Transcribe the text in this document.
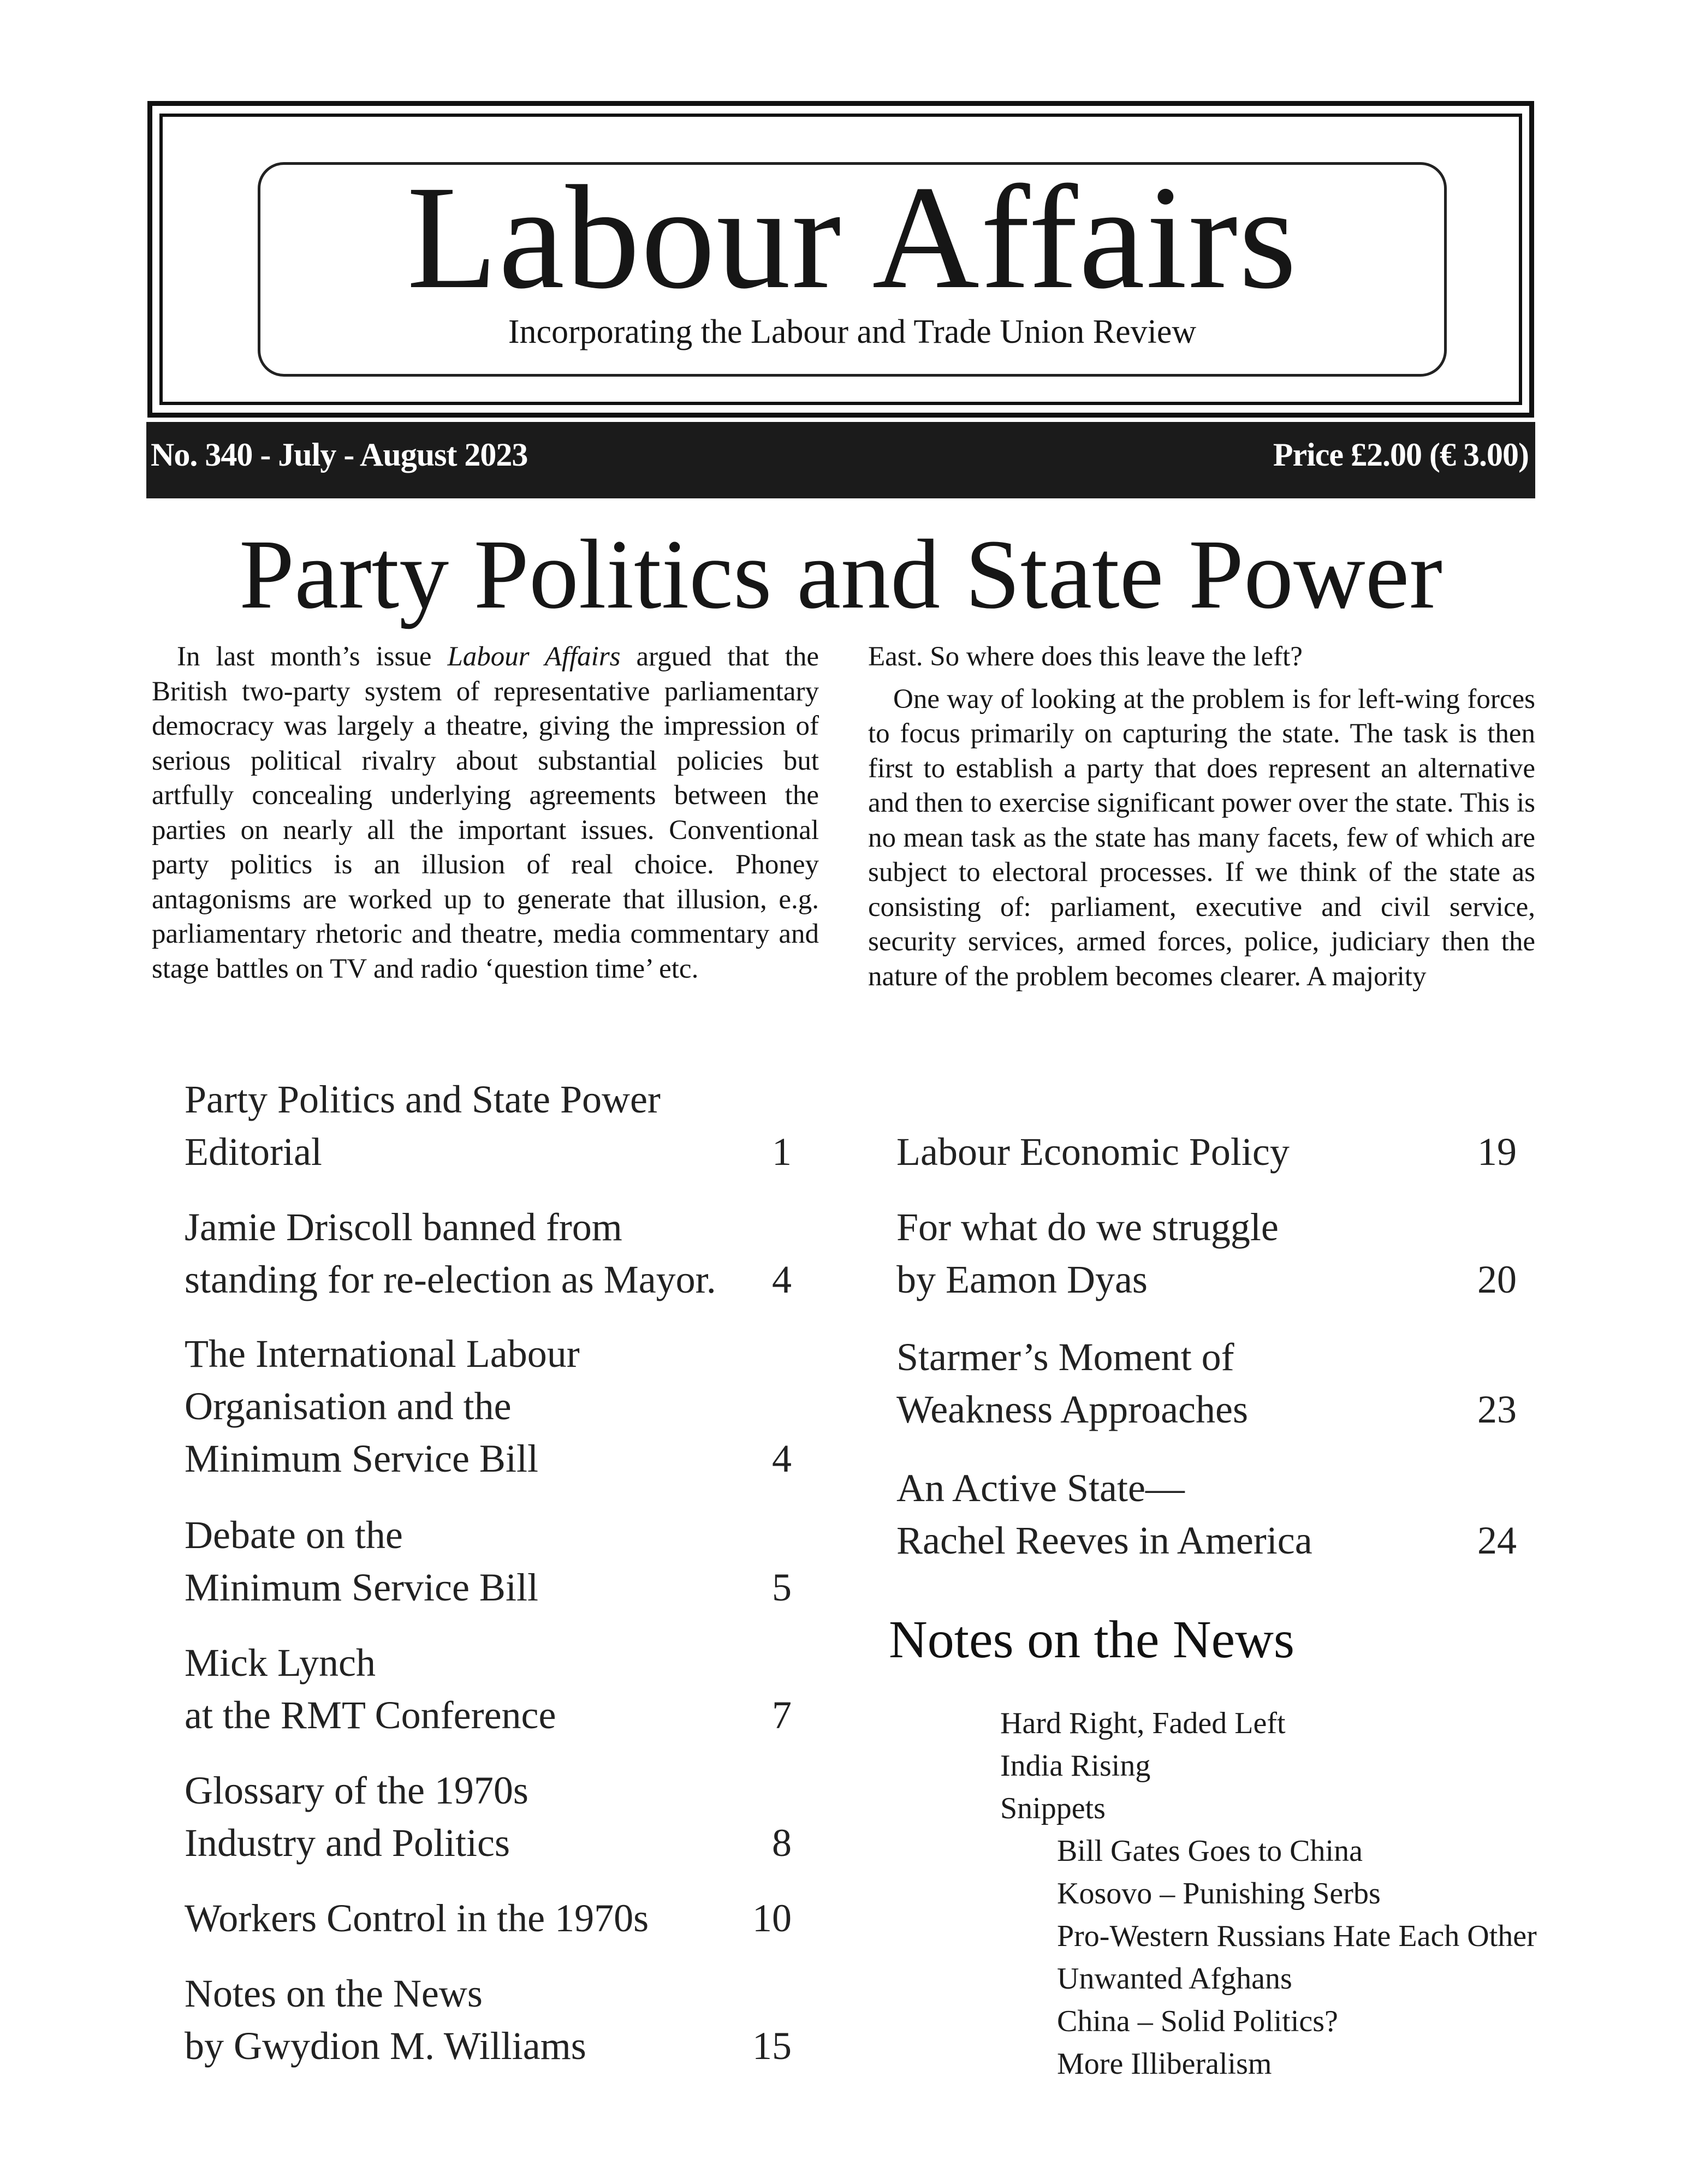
Labour Affairs
Incorporating the Labour and Trade Union Review
No. 340 - July - August 2023	Price £2.00 (€ 3.00)
Party Politics and State Power

In last month’s issue Labour Affairs argued that the British two-party system of representative parliamentary democracy was largely a theatre, giving the impression of serious political rivalry about substantial policies but artfully concealing underlying agreements between the parties on nearly all the important issues. Conventional party politics is an illusion of real choice. Phoney antagonisms are worked up to generate that illusion, e.g. parliamentary rhetoric and theatre, media commentary and stage battles on TV and radio ‘question time’ etc.

East. So where does this leave the left?

One way of looking at the problem is for left-wing forces to focus primarily on capturing the state. The task is then first to establish a party that does represent an alternative and then to exercise significant power over the state. This is no mean task as the state has many facets, few of which are subject to electoral processes. If we think of the state as consisting of: parliament, executive and civil service, security services, armed forces, police, judiciary then the nature of the problem becomes clearer. A majority

Party Politics and State Power
Editorial	1
Jamie Driscoll banned from
standing for re-election as Mayor.	4
The International Labour
Organisation and the
Minimum Service Bill	4
Debate on the
Minimum Service Bill	5
Mick Lynch
at the RMT Conference	7
Glossary of the 1970s
Industry and Politics	8
Workers Control in the 1970s	10
Notes on the News
by Gwydion M. Williams	15
Labour Economic Policy	19
For what do we struggle
by Eamon Dyas	20
Starmer’s Moment of
Weakness Approaches	23
An Active State—
Rachel Reeves in America	24
Notes on the News
Hard Right, Faded Left
India Rising
Snippets
Bill Gates Goes to China
Kosovo – Punishing Serbs
Pro-Western Russians Hate Each Other
Unwanted Afghans
China – Solid Politics?
More Illiberalism
